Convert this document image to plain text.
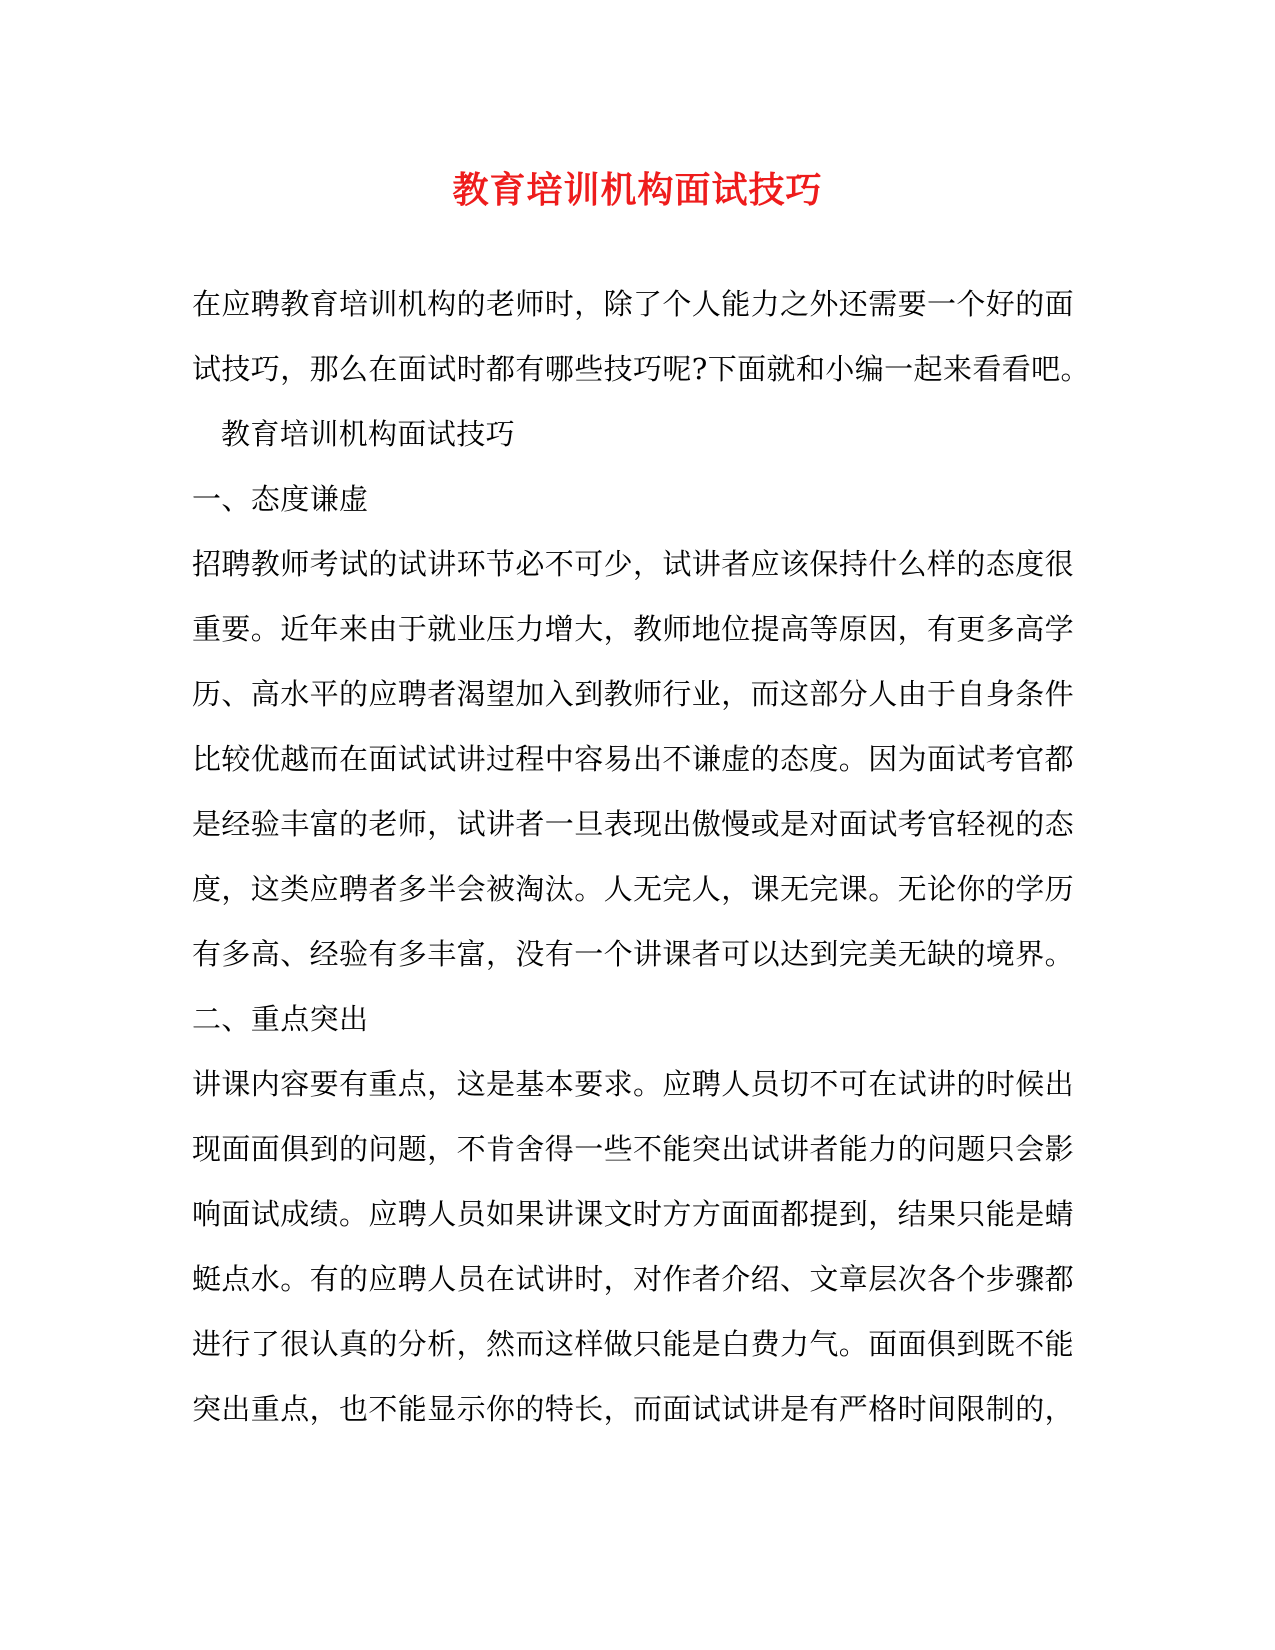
教育培训机构面试技巧
在应聘教育培训机构的老师时，除了个人能力之外还需要一个好的面
试技巧，那么在面试时都有哪些技巧呢?下面就和小编一起来看看吧。
教育培训机构面试技巧
一、态度谦虚
招聘教师考试的试讲环节必不可少，试讲者应该保持什么样的态度很
重要。近年来由于就业压力增大，教师地位提高等原因，有更多高学
历、高水平的应聘者渴望加入到教师行业，而这部分人由于自身条件
比较优越而在面试试讲过程中容易出不谦虚的态度。因为面试考官都
是经验丰富的老师，试讲者一旦表现出傲慢或是对面试考官轻视的态
度，这类应聘者多半会被淘汰。人无完人，课无完课。无论你的学历
有多高、经验有多丰富，没有一个讲课者可以达到完美无缺的境界。
二、重点突出
讲课内容要有重点，这是基本要求。应聘人员切不可在试讲的时候出
现面面俱到的问题，不肯舍得一些不能突出试讲者能力的问题只会影
响面试成绩。应聘人员如果讲课文时方方面面都提到，结果只能是蜻
蜓点水。有的应聘人员在试讲时，对作者介绍、文章层次各个步骤都
进行了很认真的分析，然而这样做只能是白费力气。面面俱到既不能
突出重点，也不能显示你的特长，而面试试讲是有严格时间限制的，
